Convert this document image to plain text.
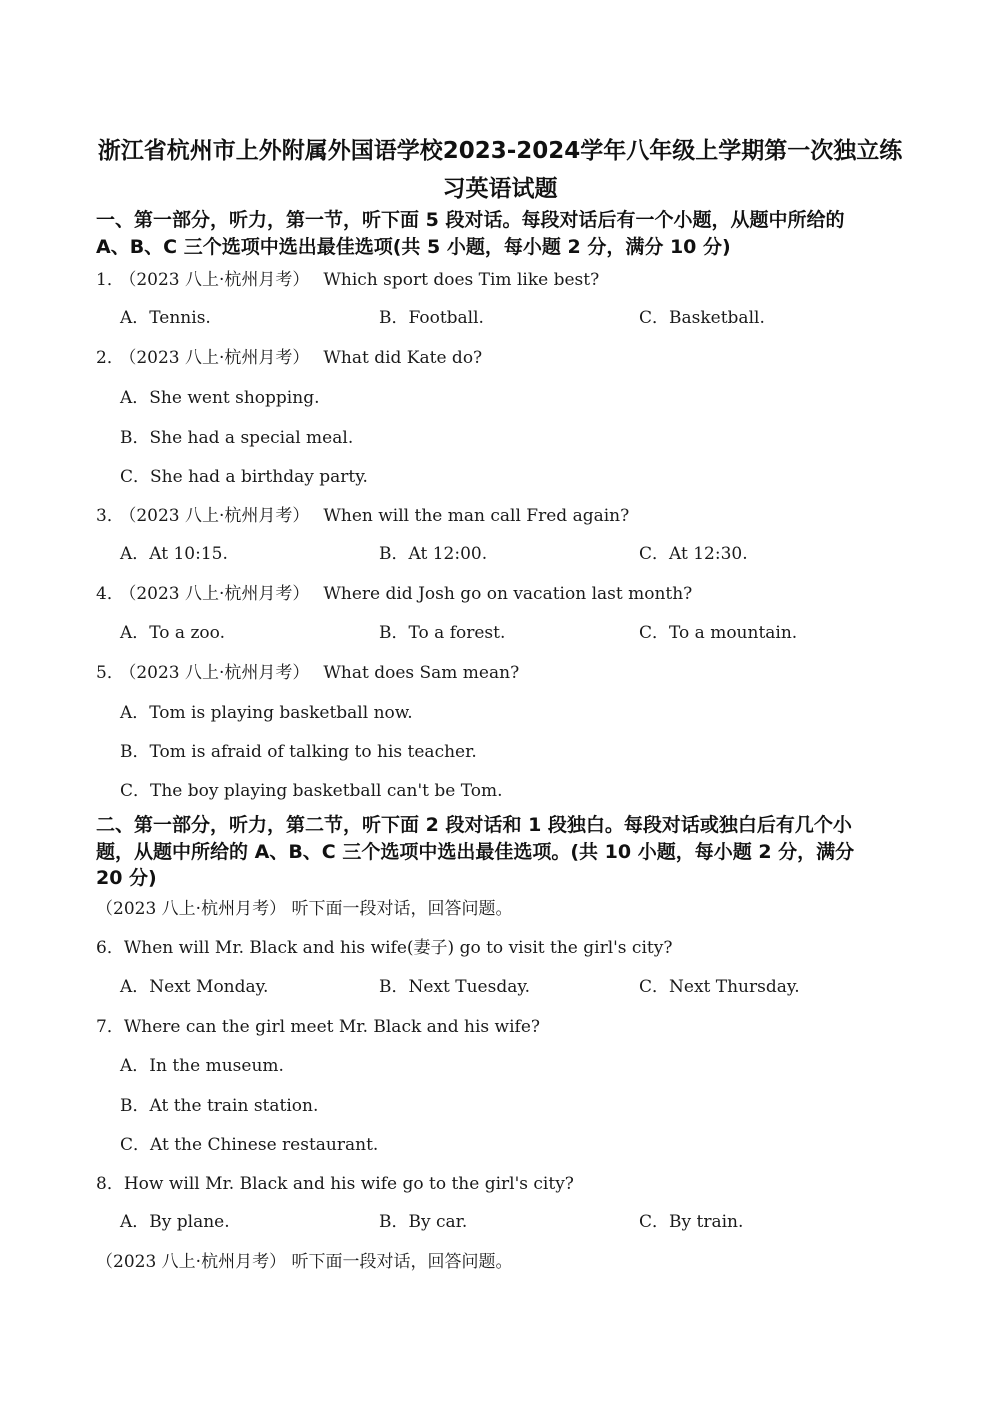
浙江省杭州市上外附属外国语学校2023-2024学年八年级上学期第一次独立练
习英语试题
一、第一部分，听力，第一节，听下面 5 段对话。每段对话后有一个小题，从题中所给的
A、B、C 三个选项中选出最佳选项(共 5 小题，每小题 2 分，满分 10 分)
1． （2023 八上·杭州月考） Which sport does Tim like best?
A．Tennis.	B．Football.	C．Basketball.
2． （2023 八上·杭州月考） What did Kate do?
A．She went shopping.
B．She had a special meal.
C．She had a birthday party.
3． （2023 八上·杭州月考） When will the man call Fred again?
A．At 10:15.	B．At 12:00.	C．At 12:30.
4． （2023 八上·杭州月考） Where did Josh go on vacation last month?
A．To a zoo.	B．To a forest.	C．To a mountain.
5． （2023 八上·杭州月考） What does Sam mean?
A．Tom is playing basketball now.
B．Tom is afraid of talking to his teacher.
C．The boy playing basketball can't be Tom.
二、第一部分，听力，第二节，听下面 2 段对话和 1 段独白。每段对话或独白后有几个小
题，从题中所给的 A、B、C 三个选项中选出最佳选项。(共 10 小题，每小题 2 分，满分
20 分)
（2023 八上·杭州月考） 听下面一段对话，回答问题。
6．When will Mr. Black and his wife(妻子) go to visit the girl's city?
A．Next Monday.	B．Next Tuesday.	C．Next Thursday.
7．Where can the girl meet Mr. Black and his wife?
A．In the museum.
B．At the train station.
C．At the Chinese restaurant.
8．How will Mr. Black and his wife go to the girl's city?
A．By plane.	B．By car.	C．By train.
（2023 八上·杭州月考） 听下面一段对话，回答问题。
